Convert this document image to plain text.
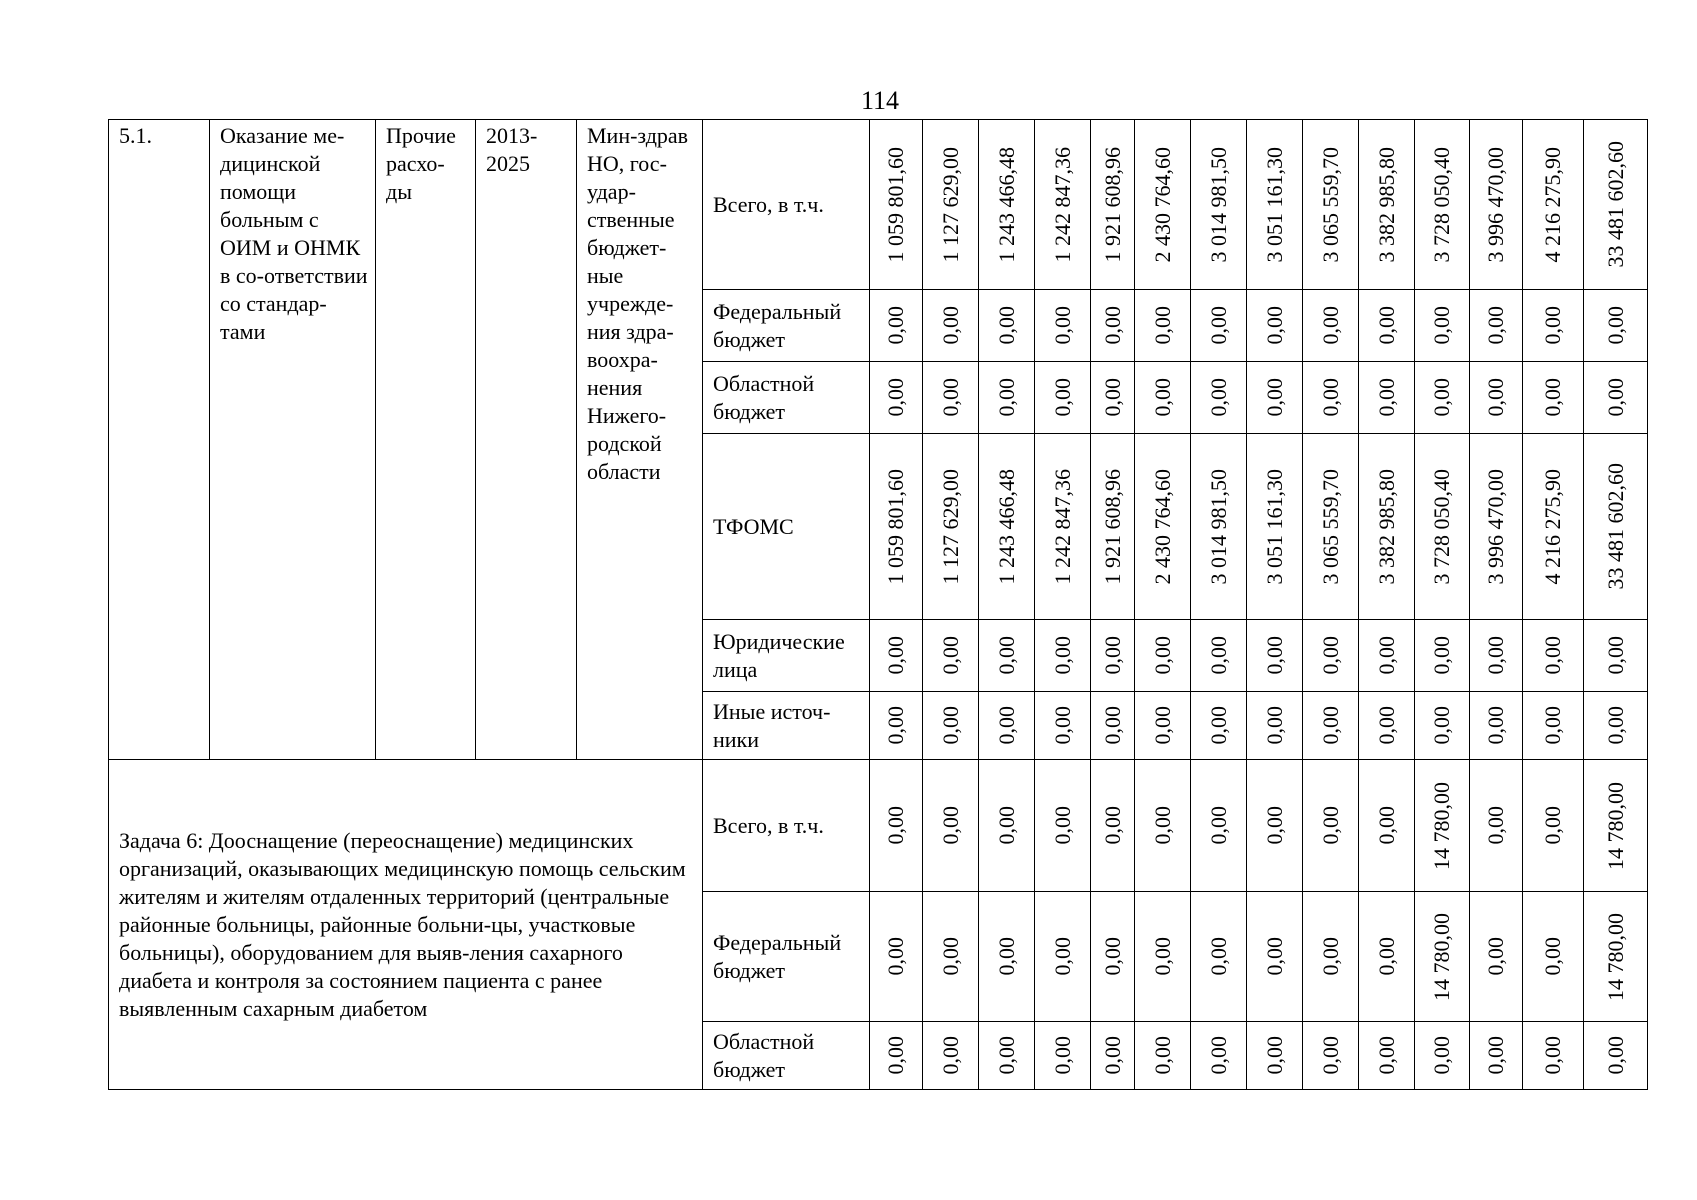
114
5.1.	Оказание ме-дицинской помощи больным с ОИМ и ОНМК в со-ответствии со стандар-тами	Прочие расхо-ды	2013-2025	Мин-здрав НО, гос-удар-ственные бюджет-ные учрежде-ния здра-воохра-нения Нижего-родской области	Всего, в т.ч.	1 059 801,60	1 127 629,00	1 243 466,48	1 242 847,36	1 921 608,96	2 430 764,60	3 014 981,50	3 051 161,30	3 065 559,70	3 382 985,80	3 728 050,40	3 996 470,00	4 216 275,90	33 481 602,60

					Федеральный бюджет	0,00	0,00	0,00	0,00	0,00	0,00	0,00	0,00	0,00	0,00	0,00	0,00	0,00	0,00

					Областной бюджет	0,00	0,00	0,00	0,00	0,00	0,00	0,00	0,00	0,00	0,00	0,00	0,00	0,00	0,00

					ТФОМС	1 059 801,60	1 127 629,00	1 243 466,48	1 242 847,36	1 921 608,96	2 430 764,60	3 014 981,50	3 051 161,30	3 065 559,70	3 382 985,80	3 728 050,40	3 996 470,00	4 216 275,90	33 481 602,60

					Юридические лица	0,00	0,00	0,00	0,00	0,00	0,00	0,00	0,00	0,00	0,00	0,00	0,00	0,00	0,00

					Иные источ-ники	0,00	0,00	0,00	0,00	0,00	0,00	0,00	0,00	0,00	0,00	0,00	0,00	0,00	0,00

Задача 6: Дооснащение (переоснащение) медицинских организаций, оказывающих медицинскую помощь сельским жителям и жителям отдаленных территорий (центральные районные больницы, районные больни-цы, участковые больницы), оборудованием для выяв-ления сахарного диабета и контроля за состоянием пациента с ранее выявленным сахарным диабетом					Всего, в т.ч.	0,00	0,00	0,00	0,00	0,00	0,00	0,00	0,00	0,00	0,00	14 780,00	0,00	0,00	14 780,00

					Федеральный бюджет	0,00	0,00	0,00	0,00	0,00	0,00	0,00	0,00	0,00	0,00	14 780,00	0,00	0,00	14 780,00

					Областной бюджет	0,00	0,00	0,00	0,00	0,00	0,00	0,00	0,00	0,00	0,00	0,00	0,00	0,00	0,00
